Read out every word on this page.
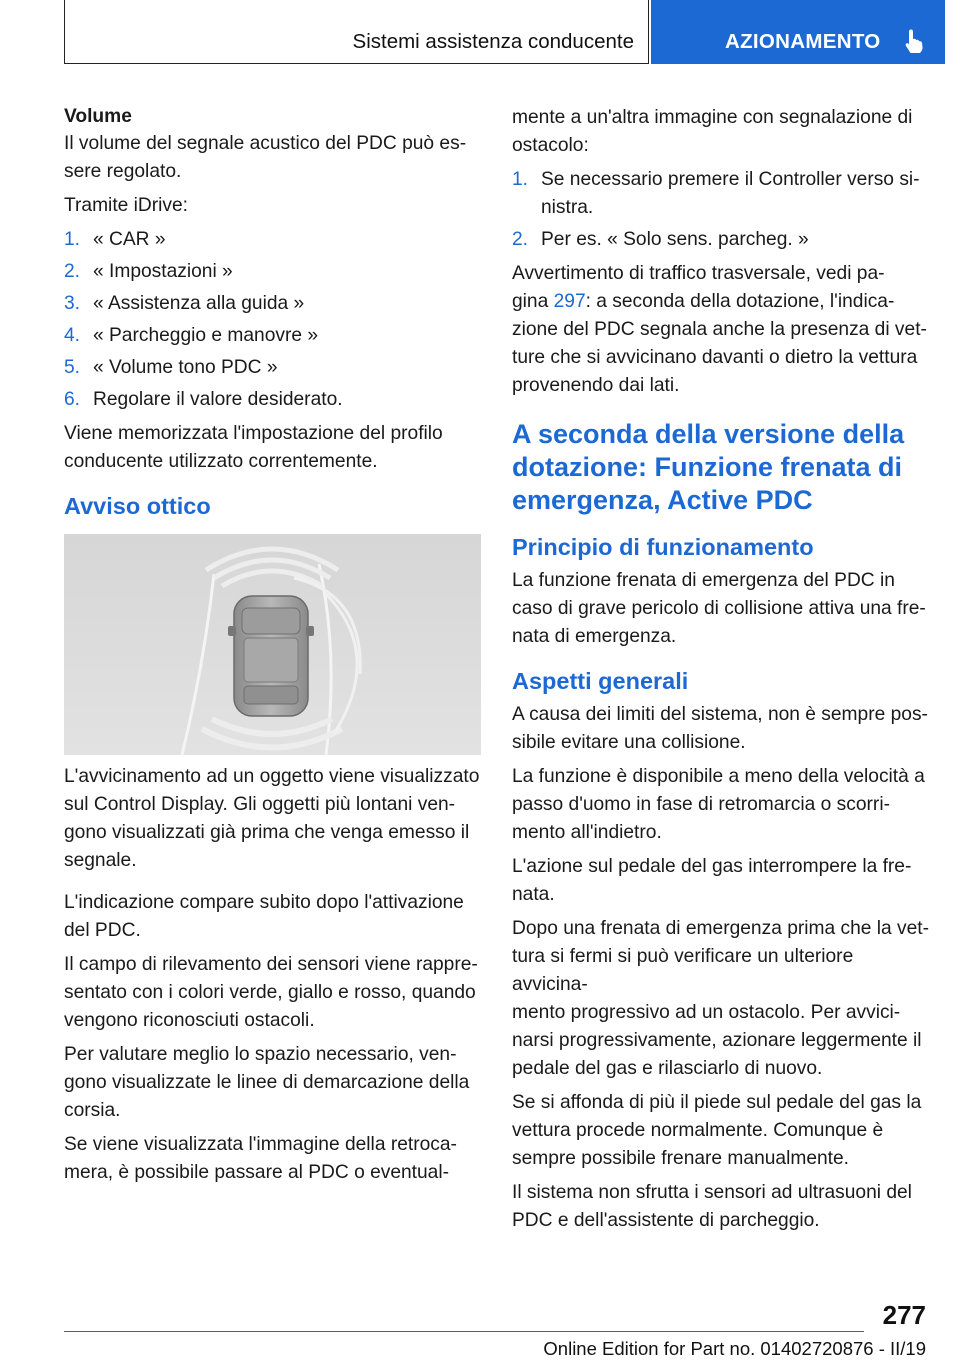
Sistemi assistenza conducente	AZIONAMENTO
Volume

Il volume del segnale acustico del PDC può es-
sere regolato.

Tramite iDrive:

1. « CAR »
2. « Impostazioni »
3. « Assistenza alla guida »
4. « Parcheggio e manovre »
5. « Volume tono PDC »
6. Regolare il valore desiderato.

Viene memorizzata l'impostazione del profilo
conducente utilizzato correntemente.

Avviso ottico

L'avvicinamento ad un oggetto viene visualizzato
sul Control Display. Gli oggetti più lontani ven-
gono visualizzati già prima che venga emesso il
segnale.

L'indicazione compare subito dopo l'attivazione
del PDC.

Il campo di rilevamento dei sensori viene rappre-
sentato con i colori verde, giallo e rosso, quando
vengono riconosciuti ostacoli.

Per valutare meglio lo spazio necessario, ven-
gono visualizzate le linee di demarcazione della
corsia.

Se viene visualizzata l'immagine della retroca-
mera, è possibile passare al PDC o eventual-

mente a un'altra immagine con segnalazione di
ostacolo:

1. Se necessario premere il Controller verso si-
nistra.
2. Per es. « Solo sens. parcheg. »

Avvertimento di traffico trasversale, vedi pa-
gina 297: a seconda della dotazione, l'indica-
zione del PDC segnala anche la presenza di vet-
ture che si avvicinano davanti o dietro la vettura
provenendo dai lati.

A seconda della versione della
dotazione: Funzione frenata di
emergenza, Active PDC
Principio di funzionamento

La funzione frenata di emergenza del PDC in
caso di grave pericolo di collisione attiva una fre-
nata di emergenza.

Aspetti generali

A causa dei limiti del sistema, non è sempre pos-
sibile evitare una collisione.

La funzione è disponibile a meno della velocità a
passo d'uomo in fase di retromarcia o scorri-
mento all'indietro.

L'azione sul pedale del gas interrompere la fre-
nata.

Dopo una frenata di emergenza prima che la vet-
tura si fermi si può verificare un ulteriore avvicina-
mento progressivo ad un ostacolo. Per avvici-
narsi progressivamente, azionare leggermente il
pedale del gas e rilasciarlo di nuovo.

Se si affonda di più il piede sul pedale del gas la
vettura procede normalmente. Comunque è
sempre possibile frenare manualmente.

Il sistema non sfrutta i sensori ad ultrasuoni del
PDC e dell'assistente di parcheggio.

277
Online Edition for Part no. 01402720876 - II/19
